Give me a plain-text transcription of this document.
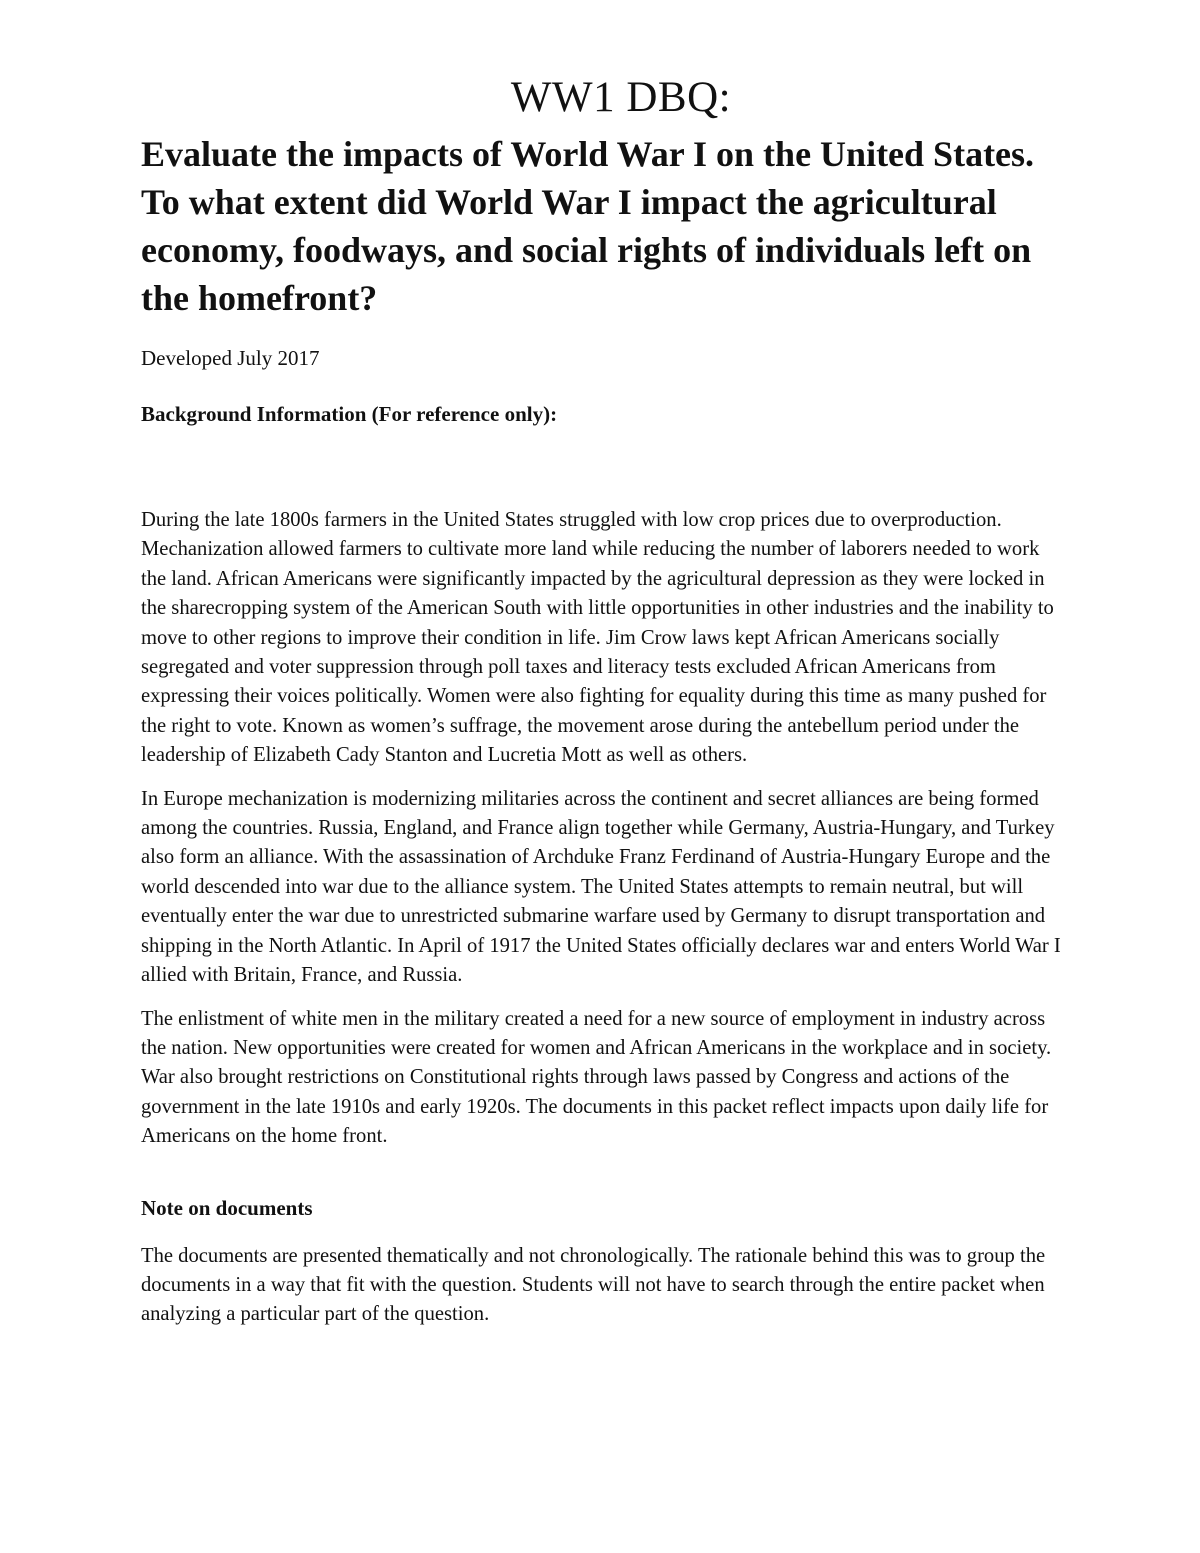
WW1 DBQ:
Evaluate the impacts of World War I on the United States. To what extent did World War I impact the agricultural economy, foodways, and social rights of individuals left on the homefront?

Developed July 2017

Background Information (For reference only):

During the late 1800s farmers in the United States struggled with low crop prices due to overproduction. Mechanization allowed farmers to cultivate more land while reducing the number of laborers needed to work the land. African Americans were significantly impacted by the agricultural depression as they were locked in the sharecropping system of the American South with little opportunities in other industries and the inability to move to other regions to improve their condition in life. Jim Crow laws kept African Americans socially segregated and voter suppression through poll taxes and literacy tests excluded African Americans from expressing their voices politically. Women were also fighting for equality during this time as many pushed for the right to vote. Known as women’s suffrage, the movement arose during the antebellum period under the leadership of Elizabeth Cady Stanton and Lucretia Mott as well as others.

In Europe mechanization is modernizing militaries across the continent and secret alliances are being formed among the countries. Russia, England, and France align together while Germany, Austria-Hungary, and Turkey also form an alliance. With the assassination of Archduke Franz Ferdinand of Austria-Hungary Europe and the world descended into war due to the alliance system. The United States attempts to remain neutral, but will eventually enter the war due to unrestricted submarine warfare used by Germany to disrupt transportation and shipping in the North Atlantic. In April of 1917 the United States officially declares war and enters World War I allied with Britain, France, and Russia.

The enlistment of white men in the military created a need for a new source of employment in industry across the nation. New opportunities were created for women and African Americans in the workplace and in society. War also brought restrictions on Constitutional rights through laws passed by Congress and actions of the government in the late 1910s and early 1920s. The documents in this packet reflect impacts upon daily life for Americans on the home front.

Note on documents

The documents are presented thematically and not chronologically. The rationale behind this was to group the documents in a way that fit with the question. Students will not have to search through the entire packet when analyzing a particular part of the question.
